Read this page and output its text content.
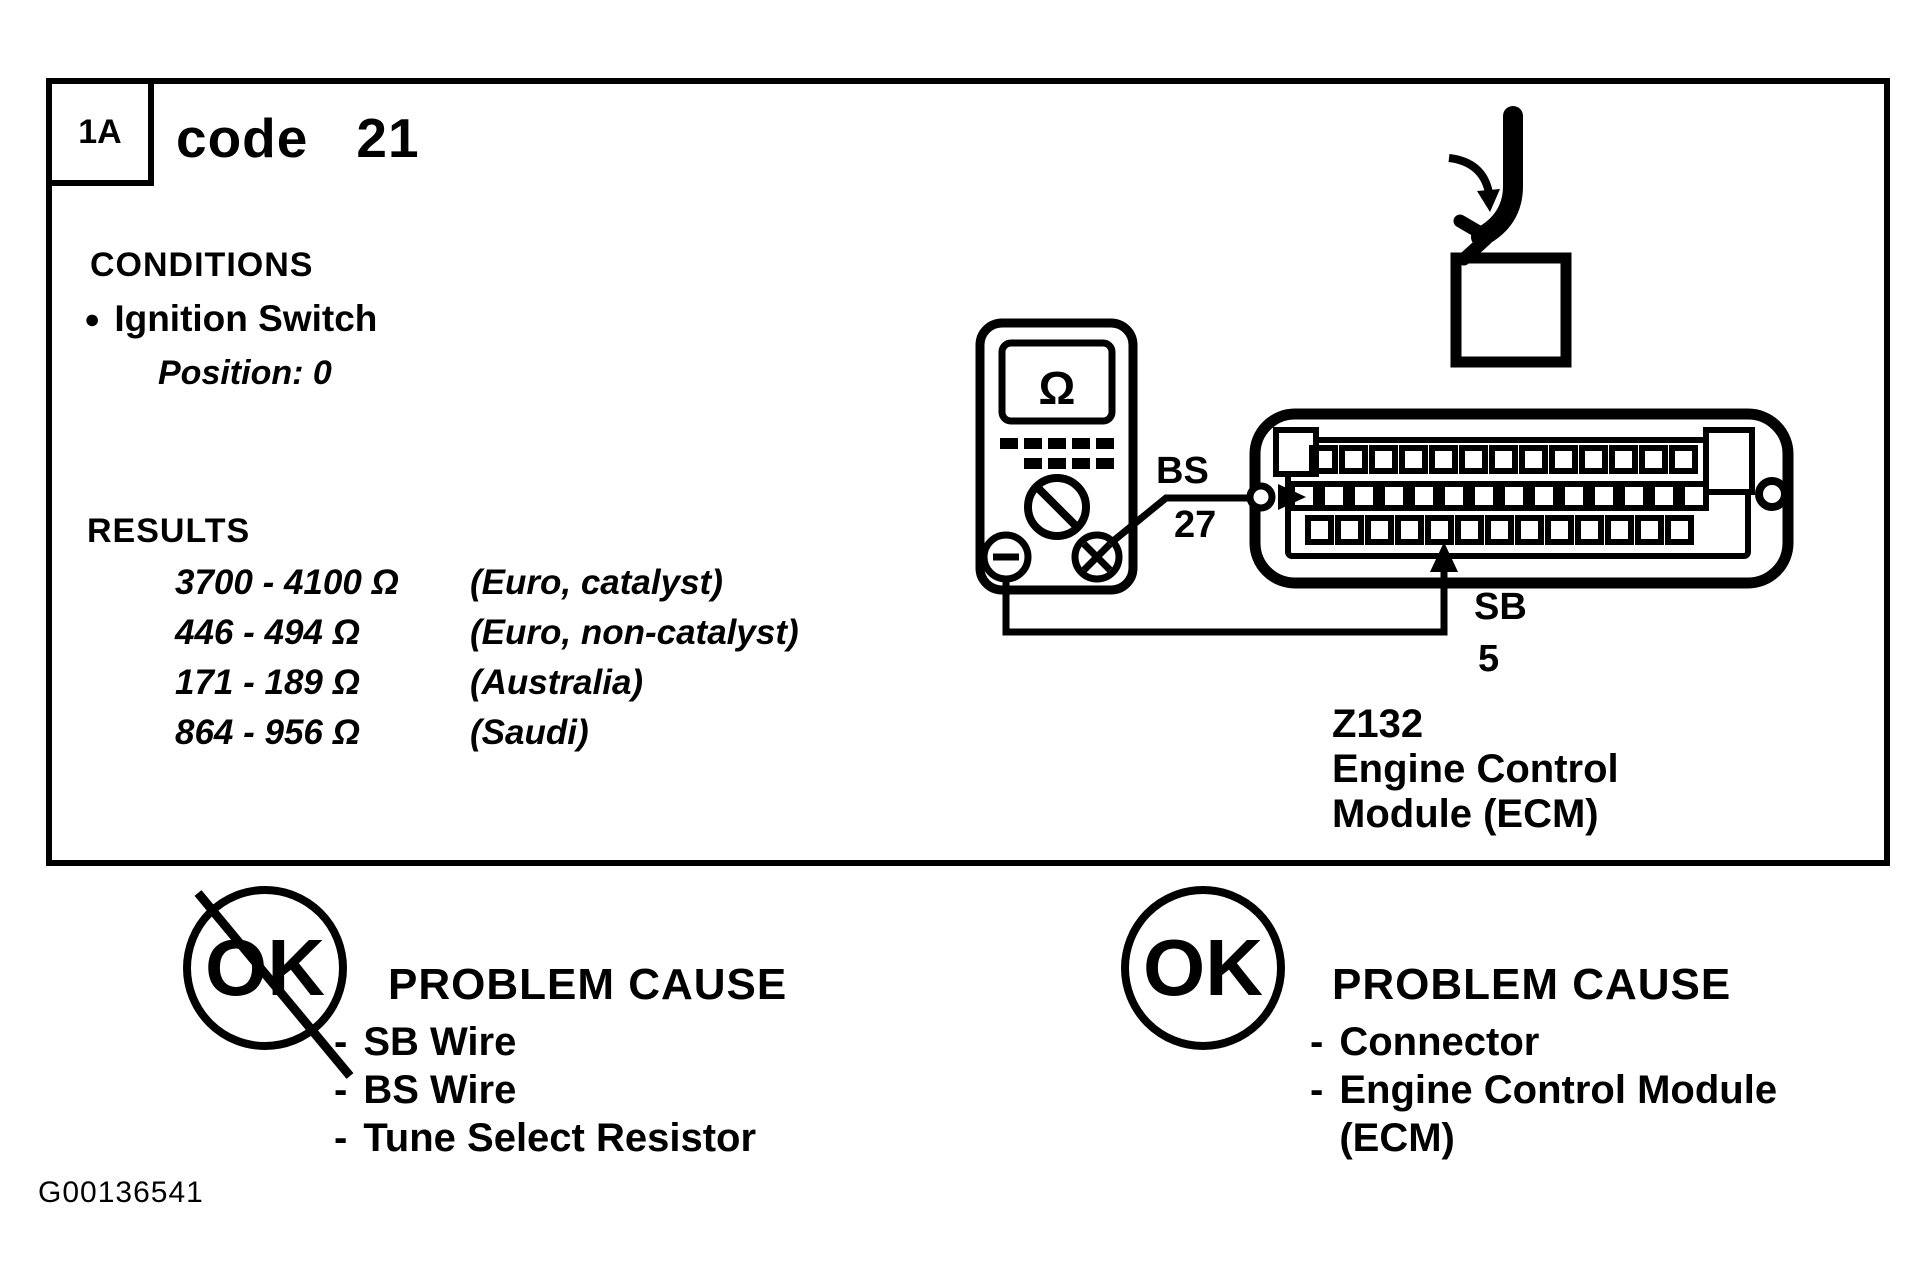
1A code 21
CONDITIONS
● Ignition Switch
Position: 0
RESULTS
3700 - 4100 Ω	(Euro, catalyst)
446 - 494 Ω	(Euro, non-catalyst)
171 - 189 Ω	(Australia)
864 - 956 Ω	(Saudi)
BS
27
SB
5
Z132
Engine Control
Module (ECM)
OK	PROBLEM CAUSE
- SB Wire
- BS Wire
- Tune Select Resistor
OK	PROBLEM CAUSE
- Connector
- Engine Control Module (ECM)
G00136541
Ω
